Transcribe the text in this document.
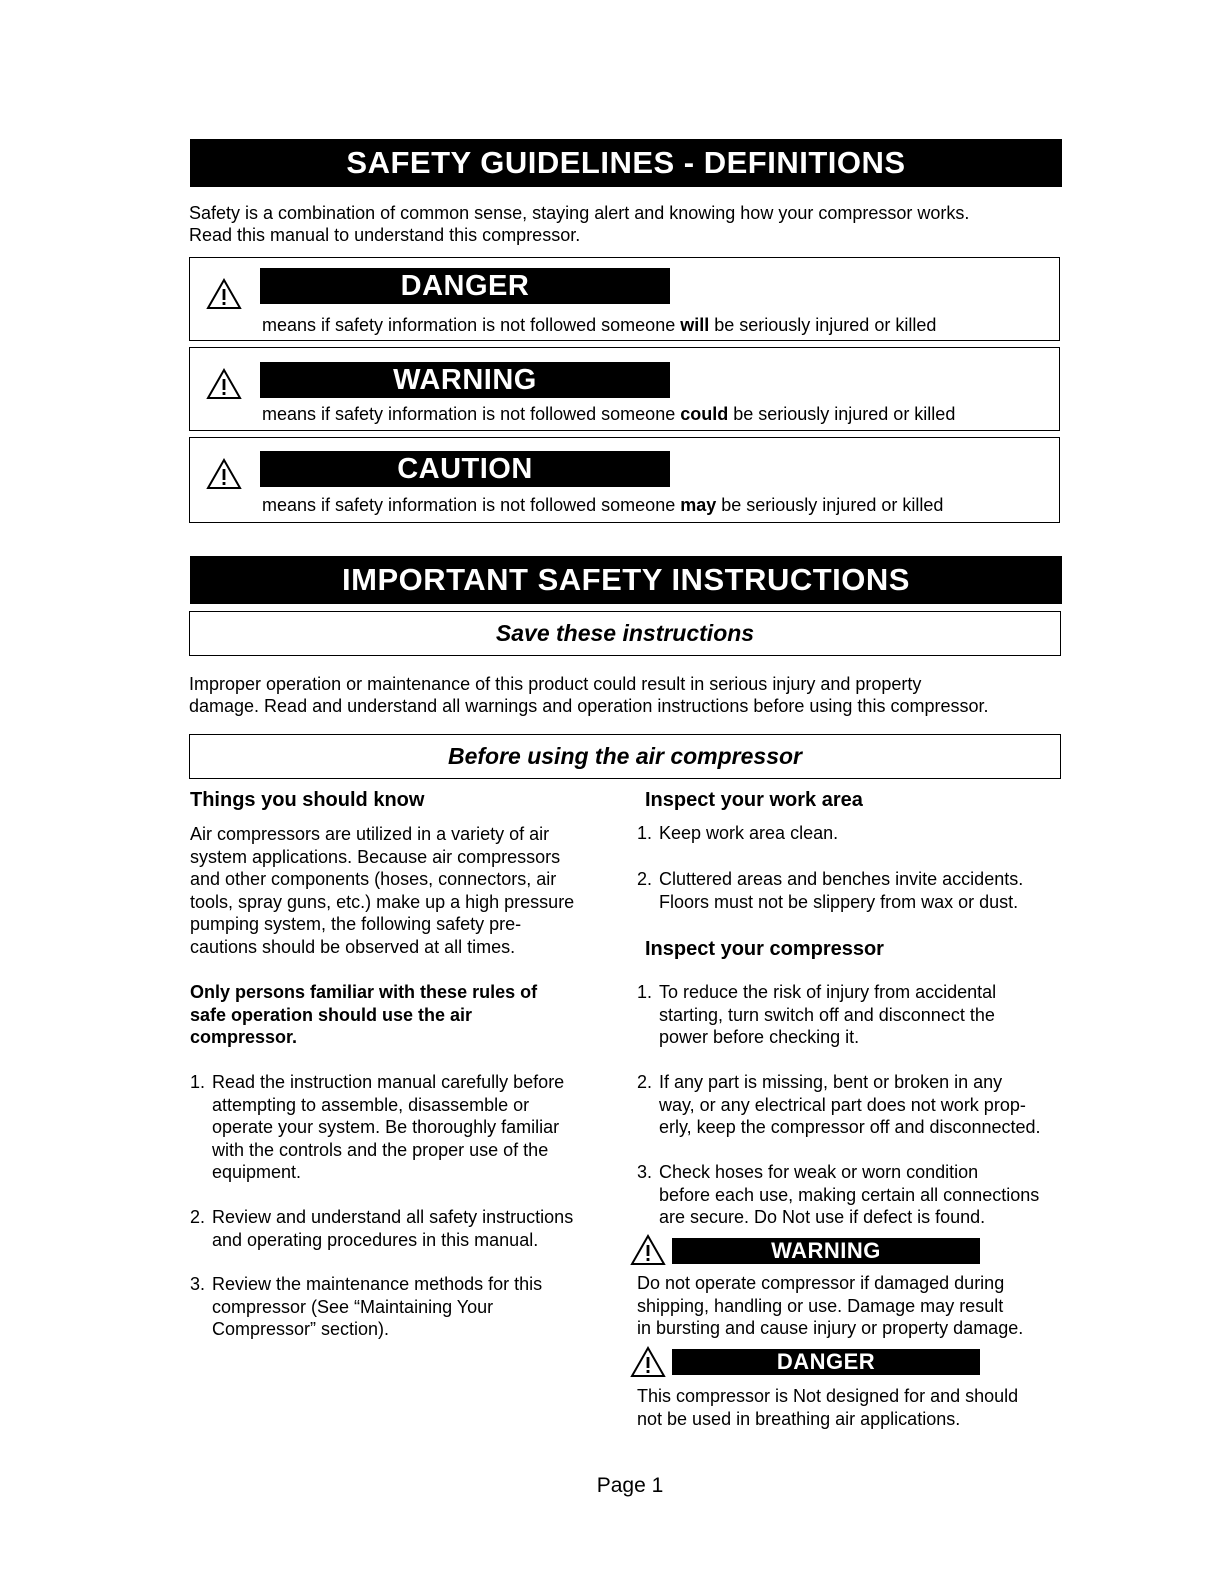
SAFETY GUIDELINES - DEFINITIONS

Safety is a combination of common sense, staying alert and knowing how your compressor works.

Read this manual to understand this compressor.

DANGER
means if safety information is not followed someone will be seriously injured or killed
WARNING
means if safety information is not followed someone could be seriously injured or killed
CAUTION
means if safety information is not followed someone may be seriously injured or killed
IMPORTANT SAFETY INSTRUCTIONS
Save these instructions

Improper operation or maintenance of this product could result in serious injury and property

damage. Read and understand all warnings and operation instructions before using this compressor.

Before using the air compressor
Things you should know
Air compressors are utilized in a variety of air
system applications. Because air compressors
and other components (hoses, connectors, air
tools, spray guns, etc.) make up a high pressure
pumping system, the following safety pre-
cautions should be observed at all times.
Only persons familiar with these rules of
safe operation should use the air
compressor.
1. Read the instruction manual carefully before
attempting to assemble, disassemble or
operate your system. Be thoroughly familiar
with the controls and the proper use of the
equipment.
2. Review and understand all safety instructions
and operating procedures in this manual.
3. Review the maintenance methods for this
compressor (See “Maintaining Your
Compressor” section).
Inspect your work area
1. Keep work area clean.
2. Cluttered areas and benches invite accidents.
Floors must not be slippery from wax or dust.
Inspect your compressor
1. To reduce the risk of injury from accidental
starting, turn switch off and disconnect the
power before checking it.
2. If any part is missing, bent or broken in any
way, or any electrical part does not work prop-
erly, keep the compressor off and disconnected.
3. Check hoses for weak or worn condition
before each use, making certain all connections
are secure. Do Not use if defect is found.
WARNING
Do not operate compressor if damaged during
shipping, handling or use. Damage may result
in bursting and cause injury or property damage.
DANGER
This compressor is Not designed for and should
not be used in breathing air applications.
Page 1
